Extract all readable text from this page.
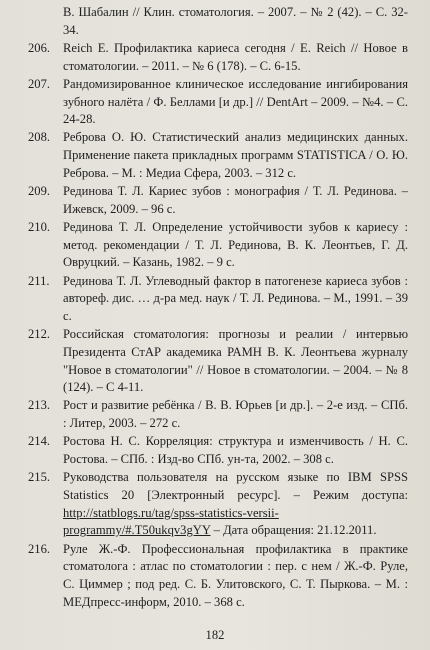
В. Шабалин // Клин. стоматология. – 2007. – № 2 (42). – С. 32-34.
206.	Reich E. Профилактика кариеса сегодня / E. Reich // Новое в стоматологии. – 2011. – № 6 (178). – С. 6-15.
207.	Рандомизированное клиническое исследование ингибирования зубного налёта / Ф. Беллами [и др.] // DentArt – 2009. – №4. – С. 24-28.
208.	Реброва О. Ю. Статистический анализ медицинских данных. Применение пакета прикладных программ STATISTICA / О. Ю. Реброва. – М. : Медиа Сфера, 2003. – 312 с.
209.	Рединова Т. Л. Кариес зубов : монография / Т. Л. Рединова. – Ижевск, 2009. – 96 с.
210.	Рединова Т. Л. Определение устойчивости зубов к кариесу : метод. рекомендации / Т. Л. Рединова, В. К. Леонтьев, Г. Д. Овруцкий. – Казань, 1982. – 9 с.
211.	Рединова Т. Л. Углеводный фактор в патогенезе кариеса зубов : автореф. дис. … д-ра мед. наук / Т. Л. Рединова. – М., 1991. – 39 с.
212.	Российская стоматология: прогнозы и реалии / интервью Президента СтАР академика РАМН В. К. Леонтьева журналу "Новое в стоматологии" // Новое в стоматологии. – 2004. – № 8 (124). – С 4-11.
213.	Рост и развитие ребёнка / В. В. Юрьев [и др.]. – 2-е изд. – СПб. : Литер, 2003. – 272 с.
214.	Ростова Н. С. Корреляция: структура и изменчивость / Н. С. Ростова. – СПб. : Изд-во СПб. ун-та, 2002. – 308 с.
215.	Руководства пользователя на русском языке по IBM SPSS Statistics 20 [Электронный ресурс]. – Режим доступа: http://statblogs.ru/tag/spss-statistics-versii-programmy/#.T50ukqv3gYY – Дата обращения: 21.12.2011.
216.	Руле Ж.-Ф. Профессиональная профилактика в практике стоматолога : атлас по стоматологии : пер. с нем / Ж.-Ф. Руле, С. Циммер ; под ред. С. Б. Улитовского, С. Т. Пыркова. – М. : МЕДпресс-информ, 2010. – 368 с.
182
